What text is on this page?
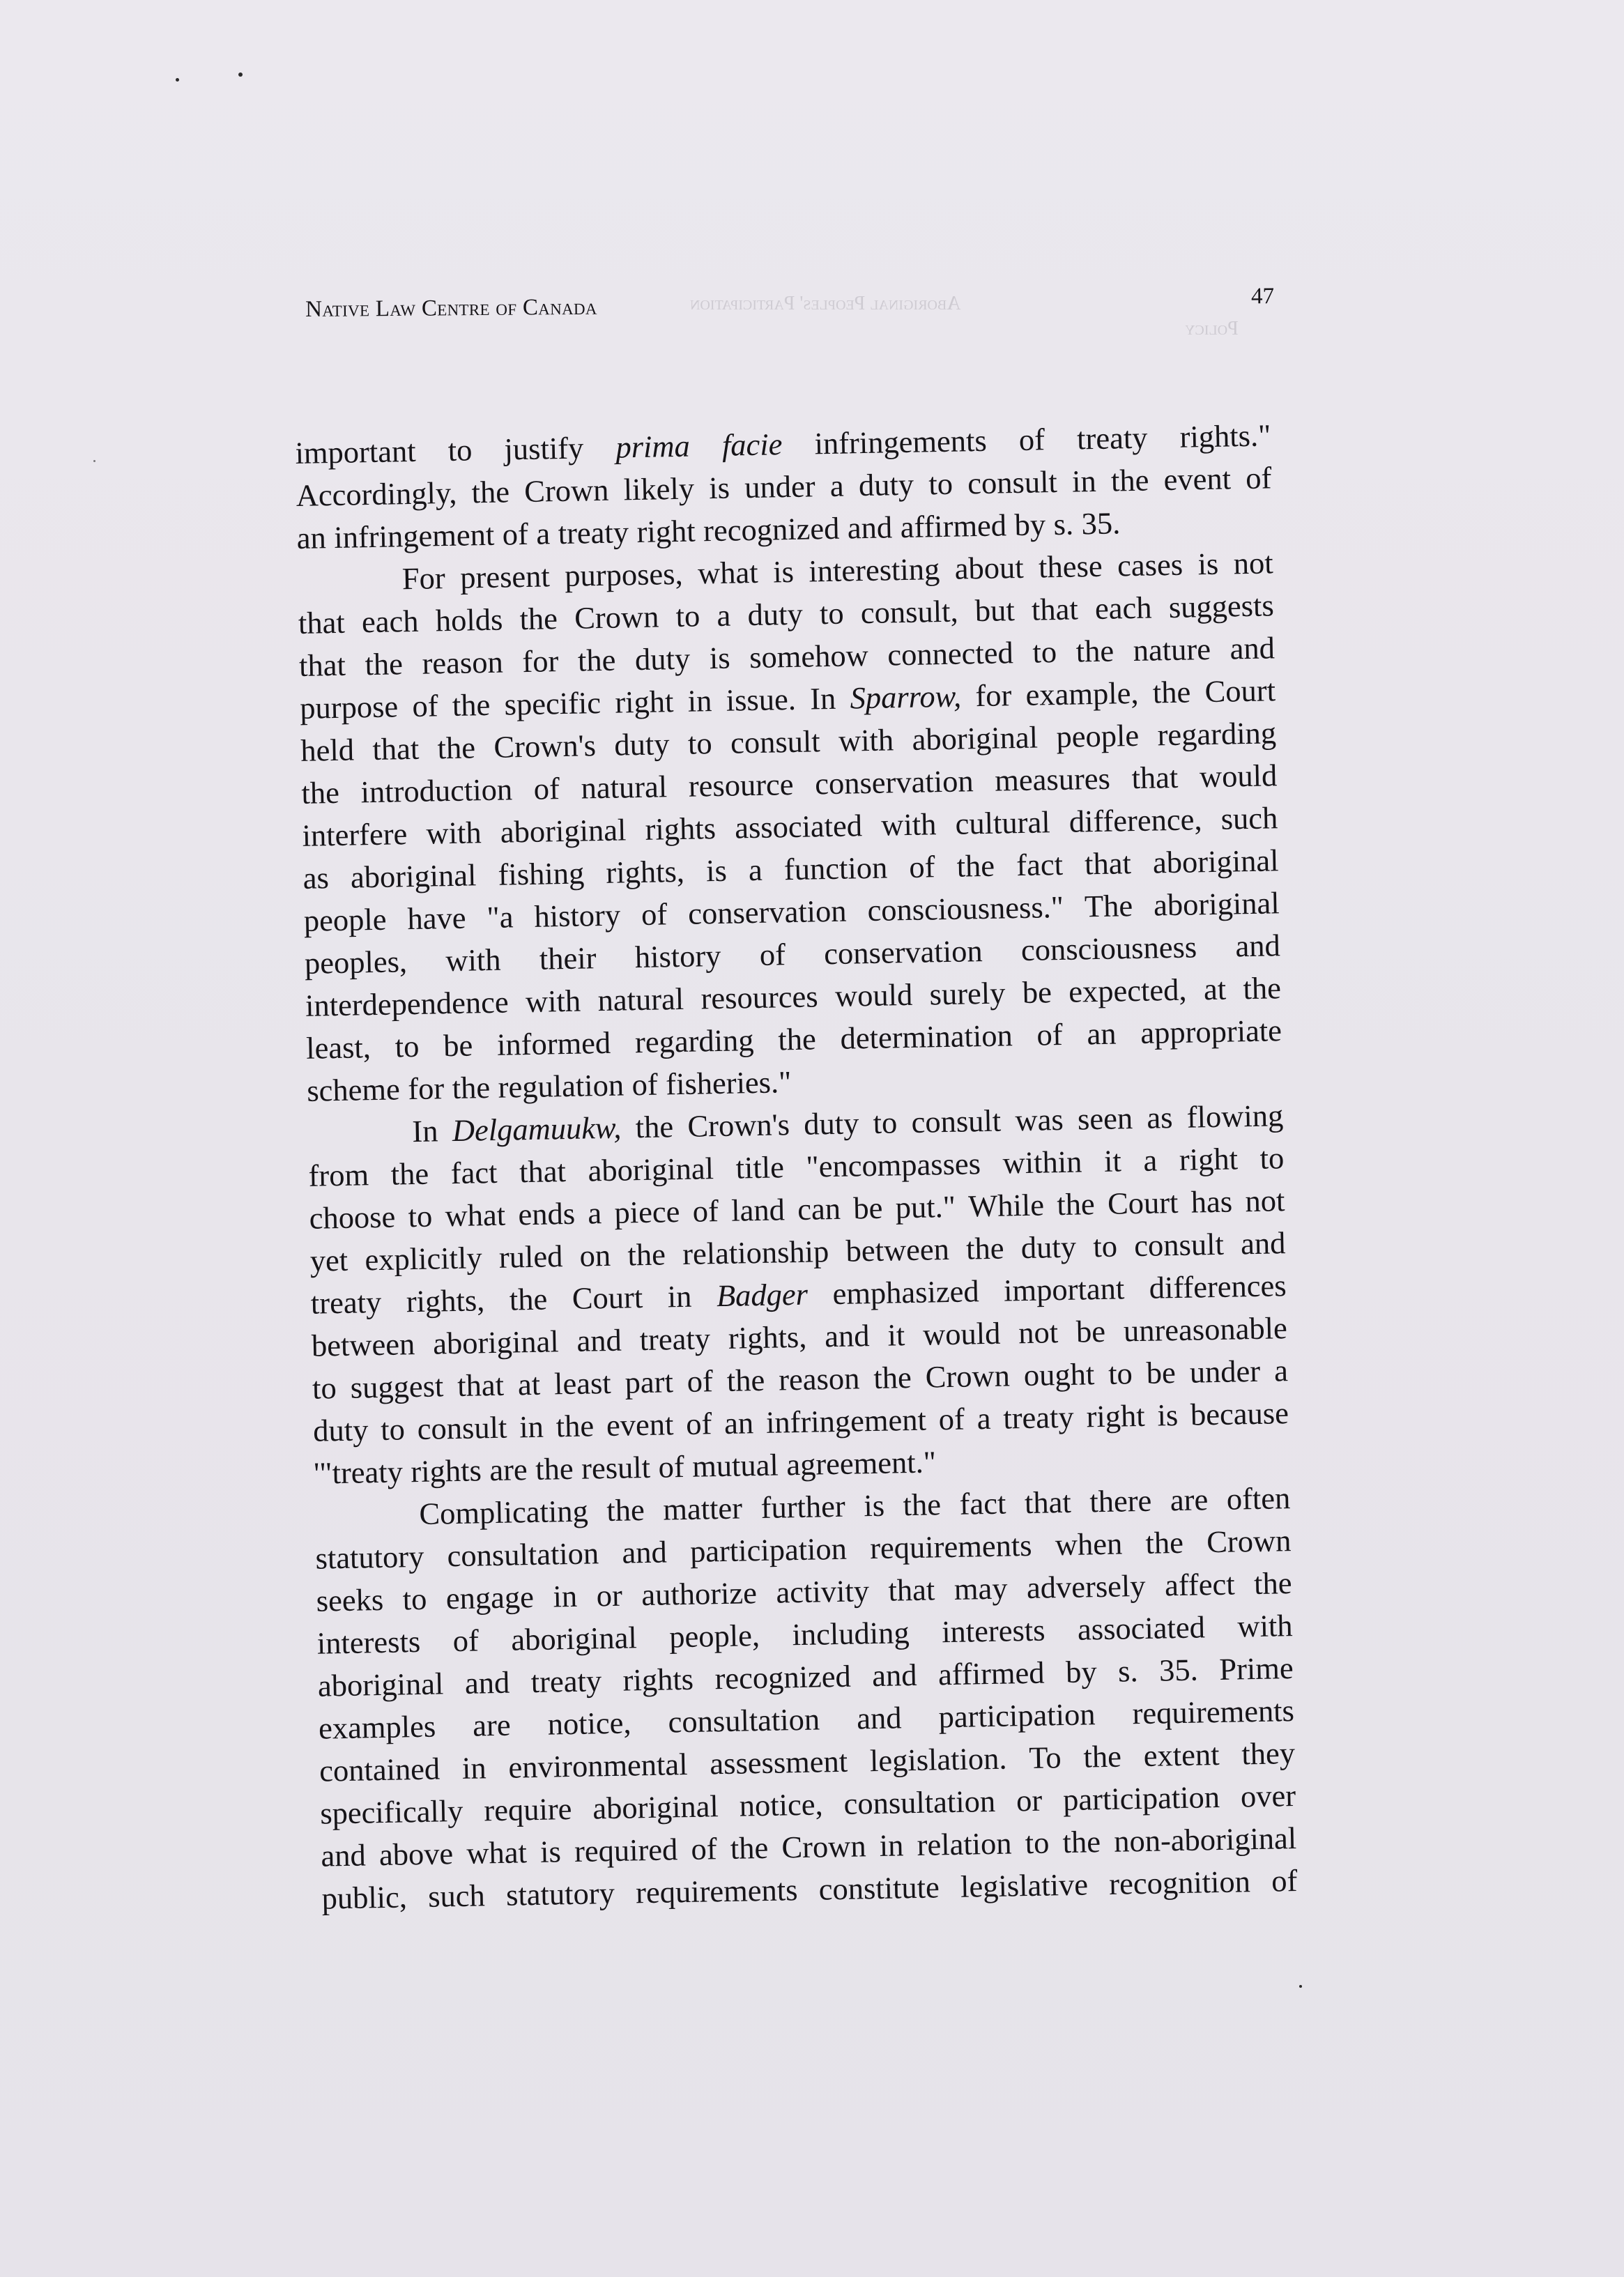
Aboriginal Peoples' Participation
Policy
Native Law Centre of Canada	47
important to justify prima facie infringements of treaty rights."
Accordingly, the Crown likely is under a duty to consult in the event of
an infringement of a treaty right recognized and affirmed by s. 35.
For present purposes, what is interesting about these cases is not
that each holds the Crown to a duty to consult, but that each suggests
that the reason for the duty is somehow connected to the nature and
purpose of the specific right in issue. In Sparrow, for example, the Court
held that the Crown's duty to consult with aboriginal people regarding
the introduction of natural resource conservation measures that would
interfere with aboriginal rights associated with cultural difference, such
as aboriginal fishing rights, is a function of the fact that aboriginal
people have "a history of conservation consciousness." The aboriginal
peoples, with their history of conservation consciousness and
interdependence with natural resources would surely be expected, at the
least, to be informed regarding the determination of an appropriate
scheme for the regulation of fisheries."
In Delgamuukw, the Crown's duty to consult was seen as flowing
from the fact that aboriginal title "encompasses within it a right to
choose to what ends a piece of land can be put." While the Court has not
yet explicitly ruled on the relationship between the duty to consult and
treaty rights, the Court in Badger emphasized important differences
between aboriginal and treaty rights, and it would not be unreasonable
to suggest that at least part of the reason the Crown ought to be under a
duty to consult in the event of an infringement of a treaty right is because
'"treaty rights are the result of mutual agreement."
Complicating the matter further is the fact that there are often
statutory consultation and participation requirements when the Crown
seeks to engage in or authorize activity that may adversely affect the
interests of aboriginal people, including interests associated with
aboriginal and treaty rights recognized and affirmed by s. 35. Prime
examples are notice, consultation and participation requirements
contained in environmental assessment legislation. To the extent they
specifically require aboriginal notice, consultation or participation over
and above what is required of the Crown in relation to the non-aboriginal
public, such statutory requirements constitute legislative recognition of
